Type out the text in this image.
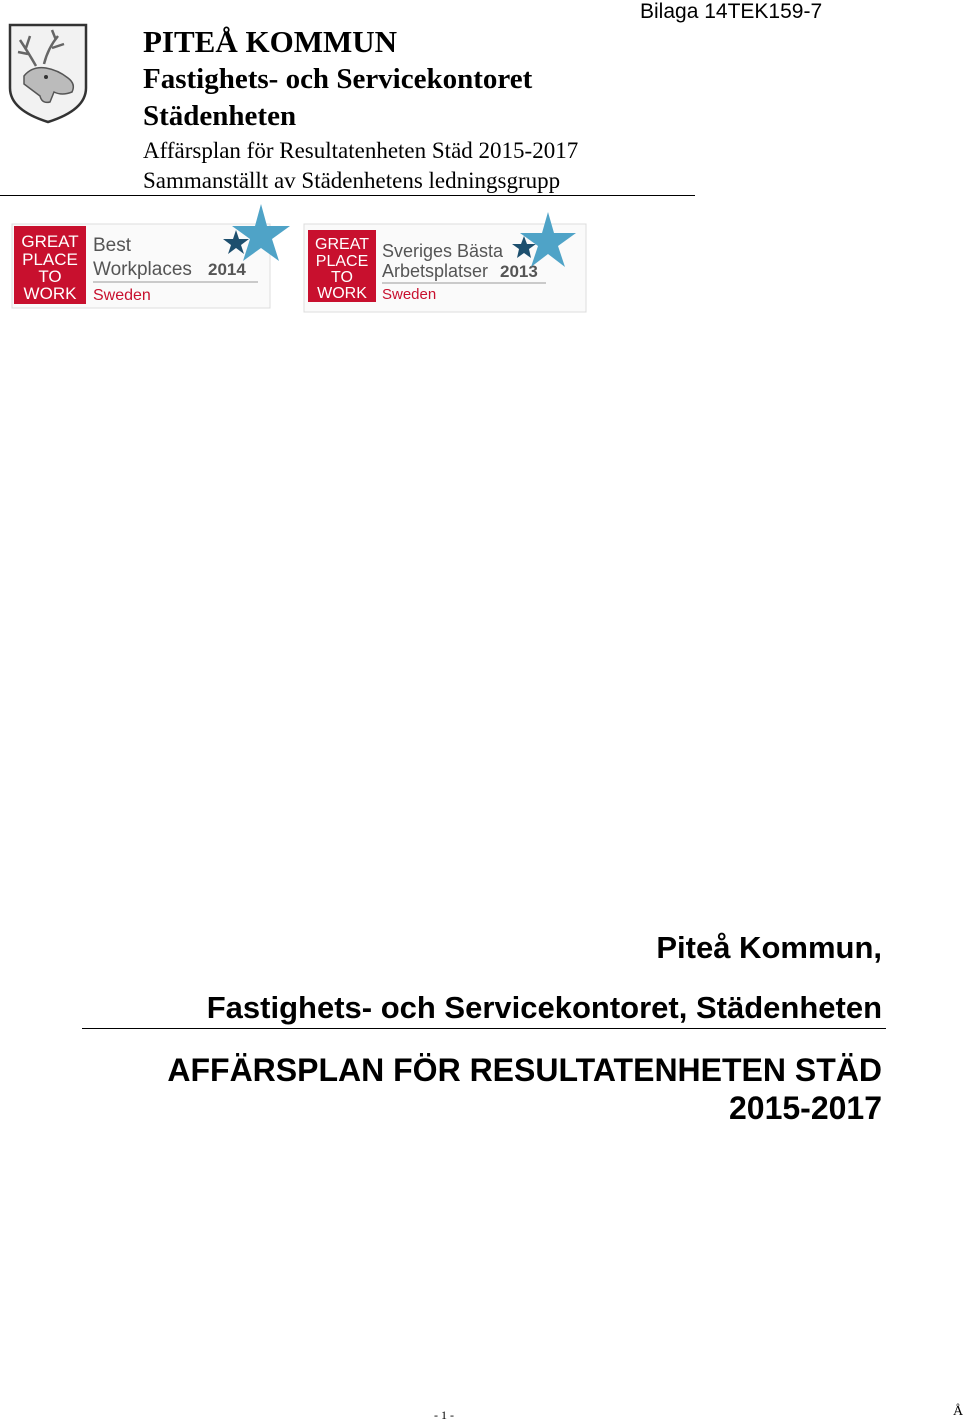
PITEÅ KOMMUN
Fastighets- och Servicekontoret
Städenheten
Affärsplan för Resultatenheten Städ 2015-2017
Sammanställt av Städenhetens ledningsgrupp
Bilaga 14TEK159-7
GREAT
PLACE
TO
WORK
Best
Workplaces 2014
Sweden
GREAT
PLACE
TO
WORK
Sveriges Bästa
Arbetsplatser 2013
Sweden
Piteå Kommun,
Fastighets- och Servicekontoret, Städenheten
AFFÄRSPLAN FÖR RESULTATENHETEN STÄD
2015-2017
- 1 -	Å
